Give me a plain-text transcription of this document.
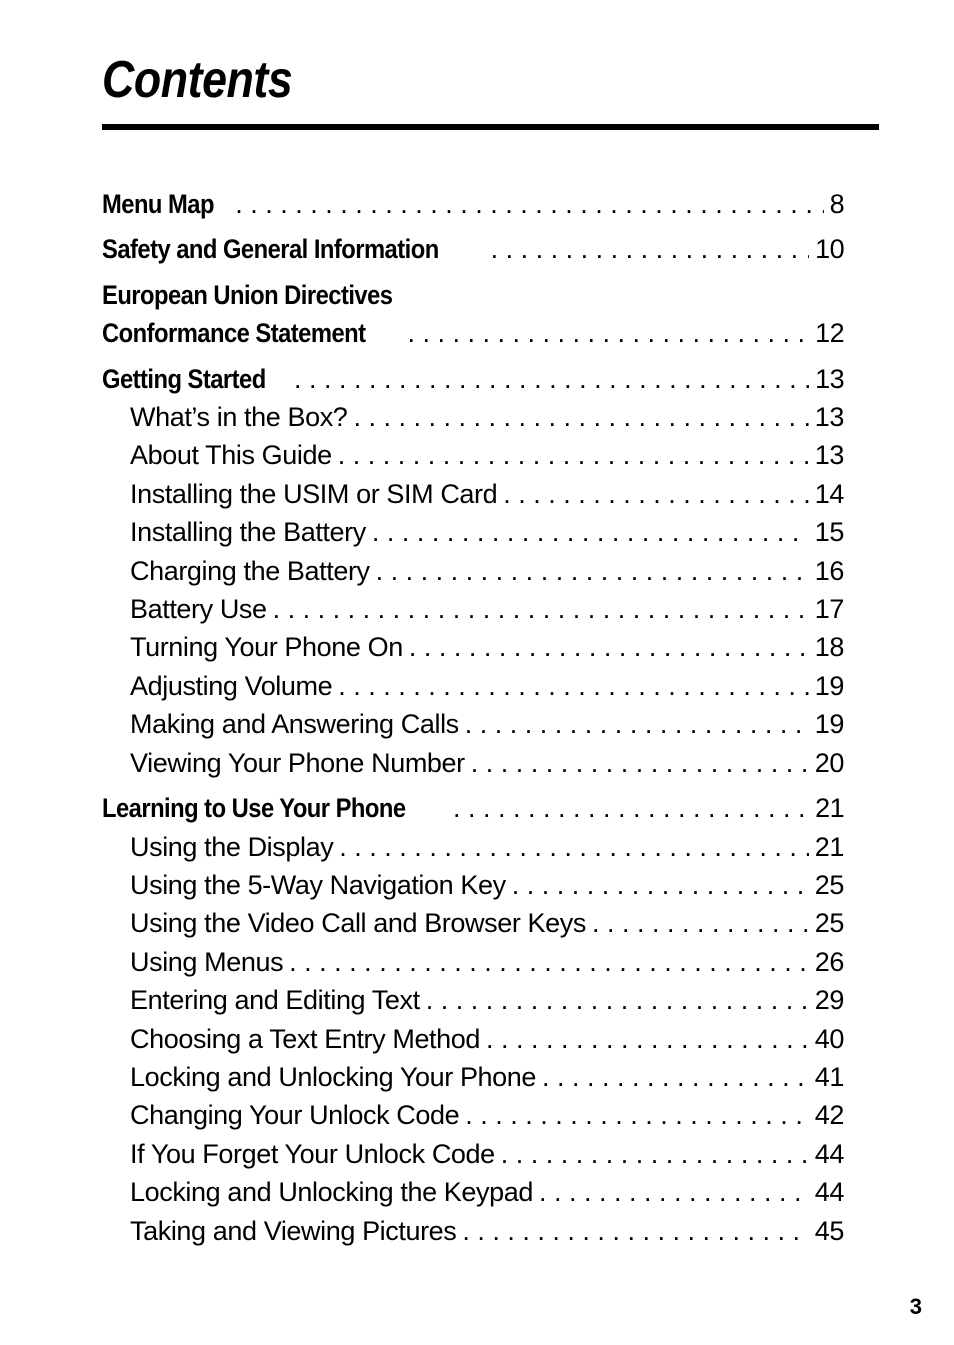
Contents
Menu Map . . .	8
Safety and General Information . . .	10
European Union Directives
Conformance Statement . . .	12
Getting Started . . .	13
What’s in the Box? . . .	13
About This Guide . . .	13
Installing the USIM or SIM Card . . .	14
Installing the Battery . . .	15
Charging the Battery . . .	16
Battery Use . . .	17
Turning Your Phone On . . .	18
Adjusting Volume . . .	19
Making and Answering Calls . . .	19
Viewing Your Phone Number . . .	20
Learning to Use Your Phone . . .	21
Using the Display . . .	21
Using the 5-Way Navigation Key . . .	25
Using the Video Call and Browser Keys . . .	25
Using Menus . . .	26
Entering and Editing Text . . .	29
Choosing a Text Entry Method . . .	40
Locking and Unlocking Your Phone . . .	41
Changing Your Unlock Code . . .	42
If You Forget Your Unlock Code . . .	44
Locking and Unlocking the Keypad . . .	44
Taking and Viewing Pictures . . .	45
3
